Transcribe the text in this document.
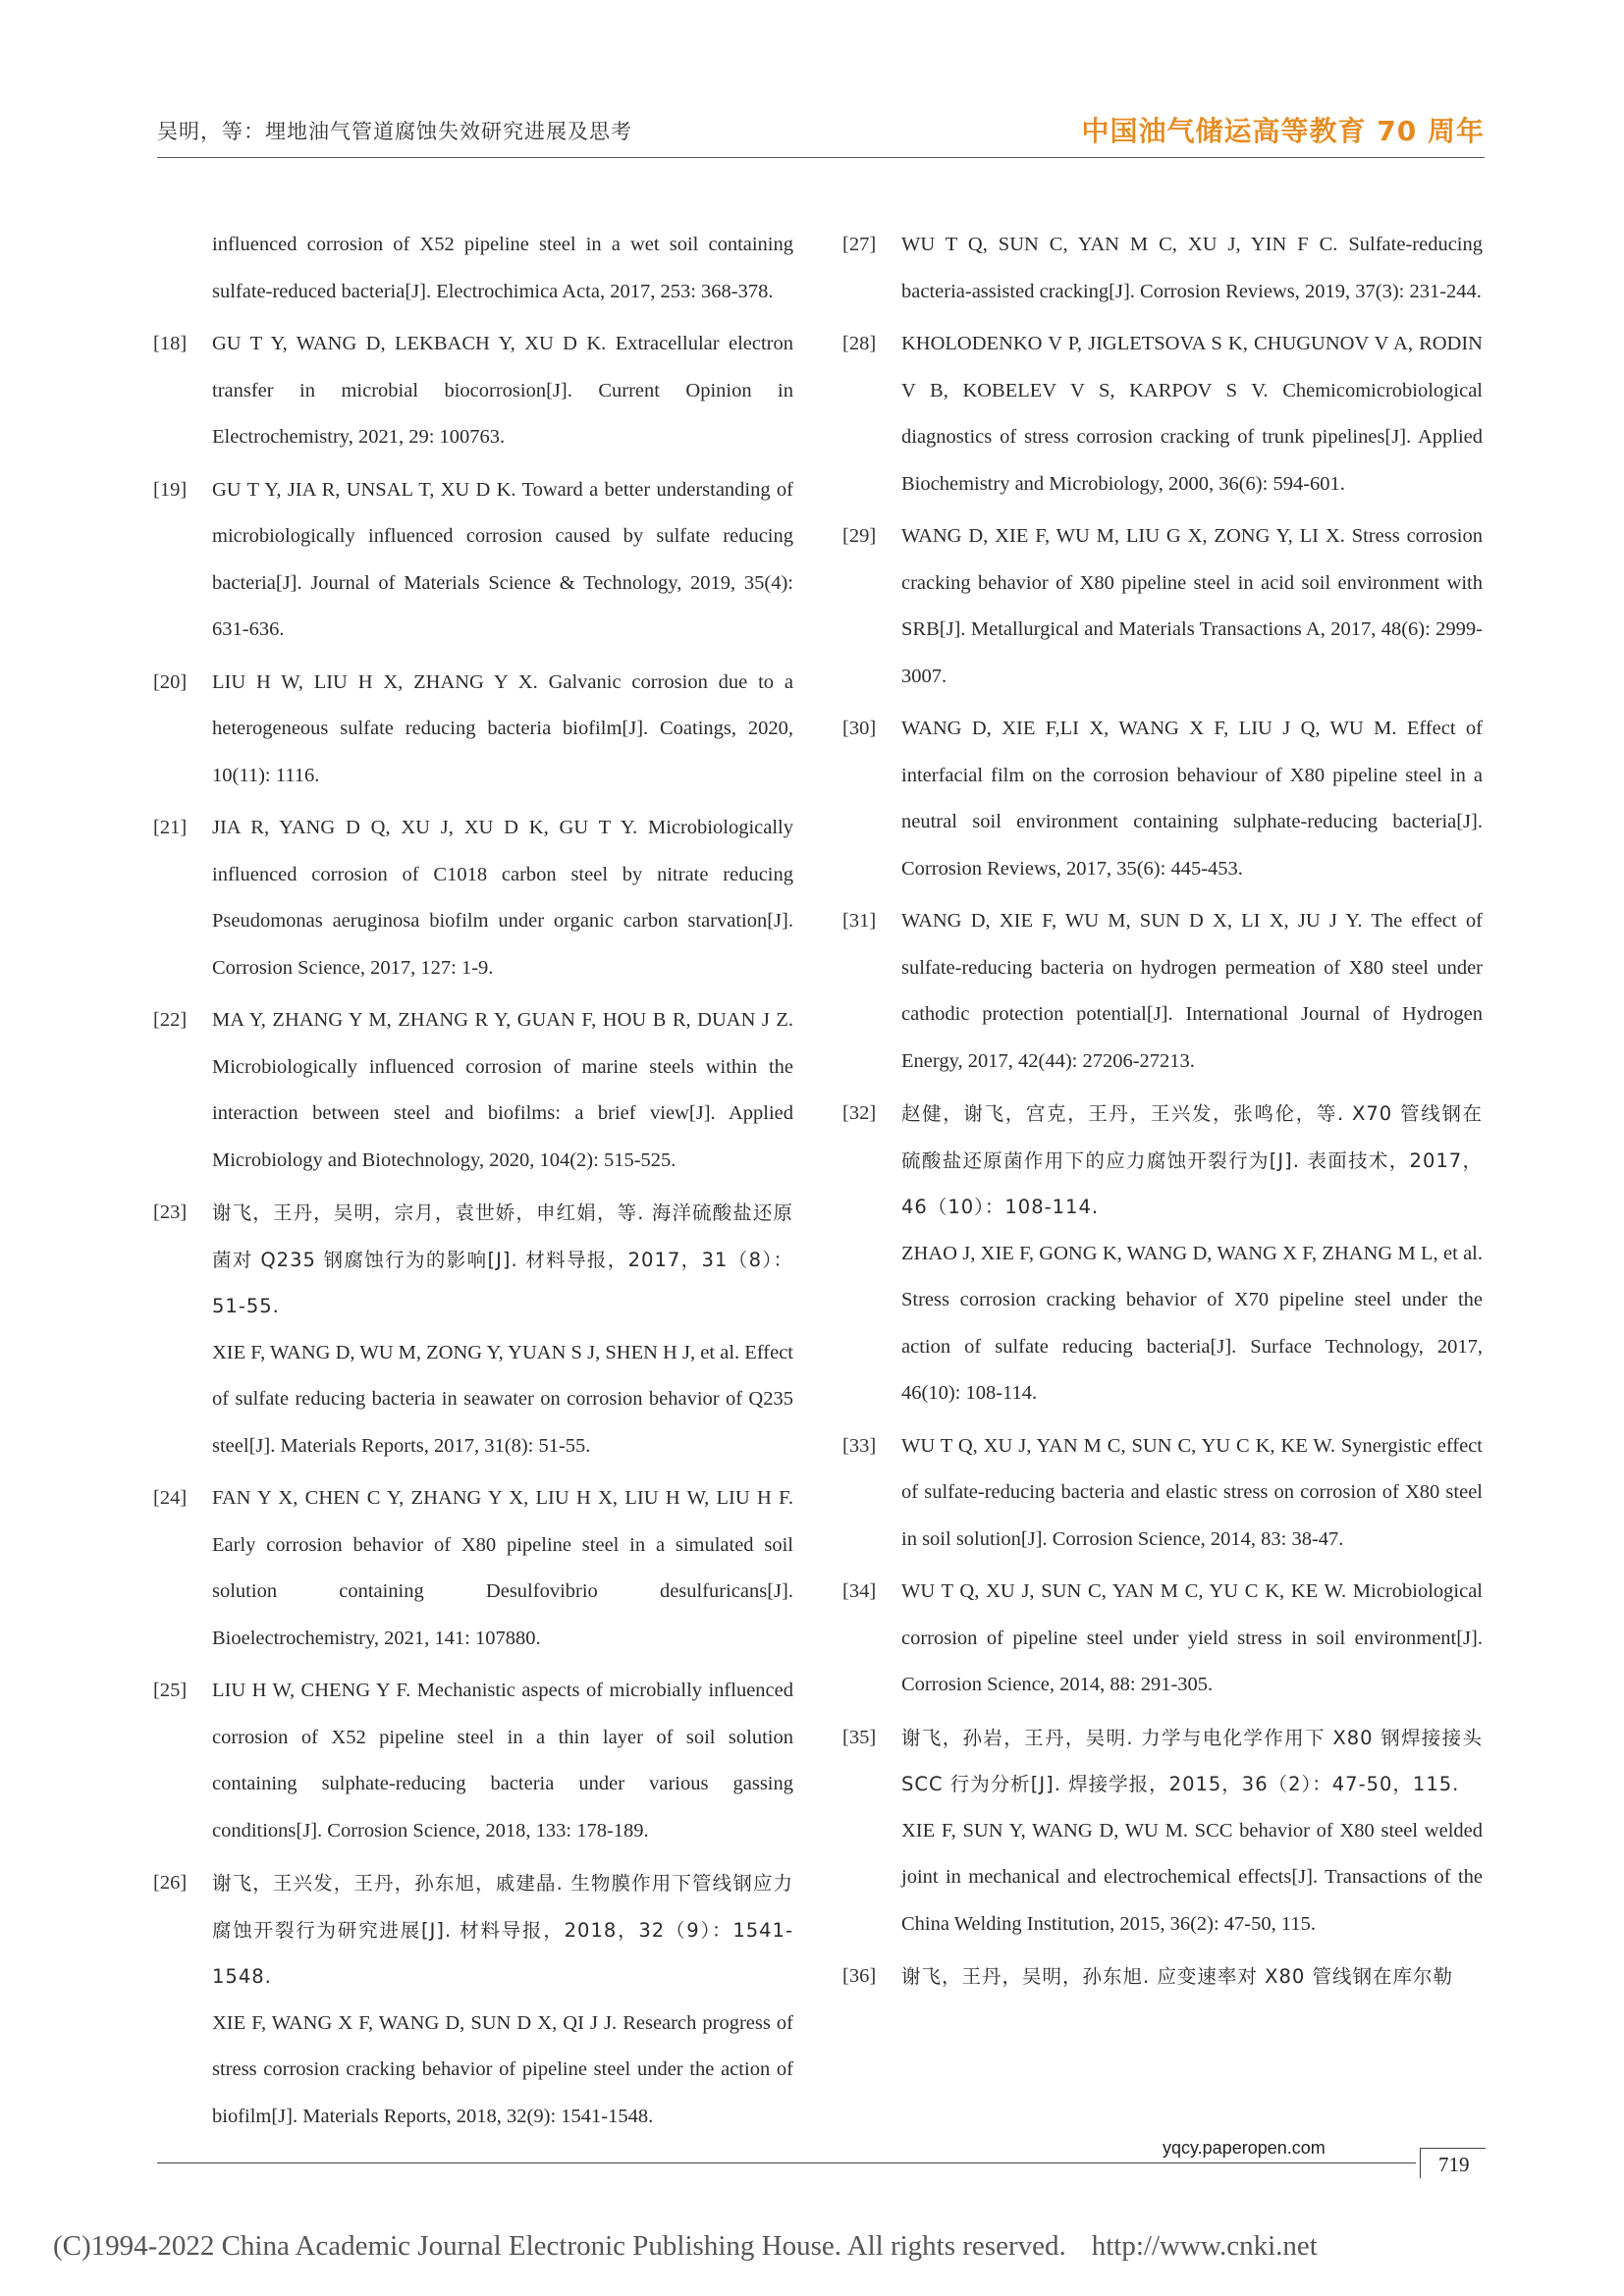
吴明，等：埋地油气管道腐蚀失效研究进展及思考	中国油气储运高等教育 70 周年
influenced corrosion of X52 pipeline steel in a wet soil containing sulfate-reduced bacteria[J]. Electrochimica Acta, 2017, 253: 368-378.
[18]	GU T Y, WANG D, LEKBACH Y, XU D K. Extracellular electron transfer in microbial biocorrosion[J]. Current Opinion in Electrochemistry, 2021, 29: 100763.
[19]	GU T Y, JIA R, UNSAL T, XU D K. Toward a better understanding of microbiologically influenced corrosion caused by sulfate reducing bacteria[J]. Journal of Materials Science & Technology, 2019, 35(4): 631-636.
[20]	LIU H W, LIU H X, ZHANG Y X. Galvanic corrosion due to a heterogeneous sulfate reducing bacteria biofilm[J]. Coatings, 2020, 10(11): 1116.
[21]	JIA R, YANG D Q, XU J, XU D K, GU T Y. Microbiologically influenced corrosion of C1018 carbon steel by nitrate reducing Pseudomonas aeruginosa biofilm under organic carbon starvation[J]. Corrosion Science, 2017, 127: 1-9.
[22]	MA Y, ZHANG Y M, ZHANG R Y, GUAN F, HOU B R, DUAN J Z. Microbiologically influenced corrosion of marine steels within the interaction between steel and biofilms: a brief view[J]. Applied Microbiology and Biotechnology, 2020, 104(2): 515-525.
[23]	谢飞，王丹，吴明，宗月，袁世娇，申红娟，等. 海洋硫酸盐还原菌对 Q235 钢腐蚀行为的影响[J]. 材料导报，2017，31（8）：51-55.
XIE F, WANG D, WU M, ZONG Y, YUAN S J, SHEN H J, et al. Effect of sulfate reducing bacteria in seawater on corrosion behavior of Q235 steel[J]. Materials Reports, 2017, 31(8): 51-55.
[24]	FAN Y X, CHEN C Y, ZHANG Y X, LIU H X, LIU H W, LIU H F. Early corrosion behavior of X80 pipeline steel in a simulated soil solution containing Desulfovibrio desulfuricans[J]. Bioelectrochemistry, 2021, 141: 107880.
[25]	LIU H W, CHENG Y F. Mechanistic aspects of microbially influenced corrosion of X52 pipeline steel in a thin layer of soil solution containing sulphate-reducing bacteria under various gassing conditions[J]. Corrosion Science, 2018, 133: 178-189.
[26]	谢飞，王兴发，王丹，孙东旭，戚建晶. 生物膜作用下管线钢应力腐蚀开裂行为研究进展[J]. 材料导报，2018，32（9）：1541-1548.
XIE F, WANG X F, WANG D, SUN D X, QI J J. Research progress of stress corrosion cracking behavior of pipeline steel under the action of biofilm[J]. Materials Reports, 2018, 32(9): 1541-1548.
[27]	WU T Q, SUN C, YAN M C, XU J, YIN F C. Sulfate-reducing bacteria-assisted cracking[J]. Corrosion Reviews, 2019, 37(3): 231-244.
[28]	KHOLODENKO V P, JIGLETSOVA S K, CHUGUNOV V A, RODIN V B, KOBELEV V S, KARPOV S V. Chemicomicrobiological diagnostics of stress corrosion cracking of trunk pipelines[J]. Applied Biochemistry and Microbiology, 2000, 36(6): 594-601.
[29]	WANG D, XIE F, WU M, LIU G X, ZONG Y, LI X. Stress corrosion cracking behavior of X80 pipeline steel in acid soil environment with SRB[J]. Metallurgical and Materials Transactions A, 2017, 48(6): 2999-3007.
[30]	WANG D, XIE F,LI X, WANG X F, LIU J Q, WU M. Effect of interfacial film on the corrosion behaviour of X80 pipeline steel in a neutral soil environment containing sulphate-reducing bacteria[J]. Corrosion Reviews, 2017, 35(6): 445-453.
[31]	WANG D, XIE F, WU M, SUN D X, LI X, JU J Y. The effect of sulfate-reducing bacteria on hydrogen permeation of X80 steel under cathodic protection potential[J]. International Journal of Hydrogen Energy, 2017, 42(44): 27206-27213.
[32]	赵健，谢飞，宫克，王丹，王兴发，张鸣伦，等. X70 管线钢在硫酸盐还原菌作用下的应力腐蚀开裂行为[J]. 表面技术，2017，46（10）：108-114.
ZHAO J, XIE F, GONG K, WANG D, WANG X F, ZHANG M L, et al. Stress corrosion cracking behavior of X70 pipeline steel under the action of sulfate reducing bacteria[J]. Surface Technology, 2017, 46(10): 108-114.
[33]	WU T Q, XU J, YAN M C, SUN C, YU C K, KE W. Synergistic effect of sulfate-reducing bacteria and elastic stress on corrosion of X80 steel in soil solution[J]. Corrosion Science, 2014, 83: 38-47.
[34]	WU T Q, XU J, SUN C, YAN M C, YU C K, KE W. Microbiological corrosion of pipeline steel under yield stress in soil environment[J]. Corrosion Science, 2014, 88: 291-305.
[35]	谢飞，孙岩，王丹，吴明. 力学与电化学作用下 X80 钢焊接接头 SCC 行为分析[J]. 焊接学报，2015，36（2）：47-50，115.
XIE F, SUN Y, WANG D, WU M. SCC behavior of X80 steel welded joint in mechanical and electrochemical effects[J]. Transactions of the China Welding Institution, 2015, 36(2): 47-50, 115.
[36]	谢飞，王丹，吴明，孙东旭. 应变速率对 X80 管线钢在库尔勒
yqcy.paperopen.com
719
(C)1994-2022 China Academic Journal Electronic Publishing House. All rights reserved. http://www.cnki.net
